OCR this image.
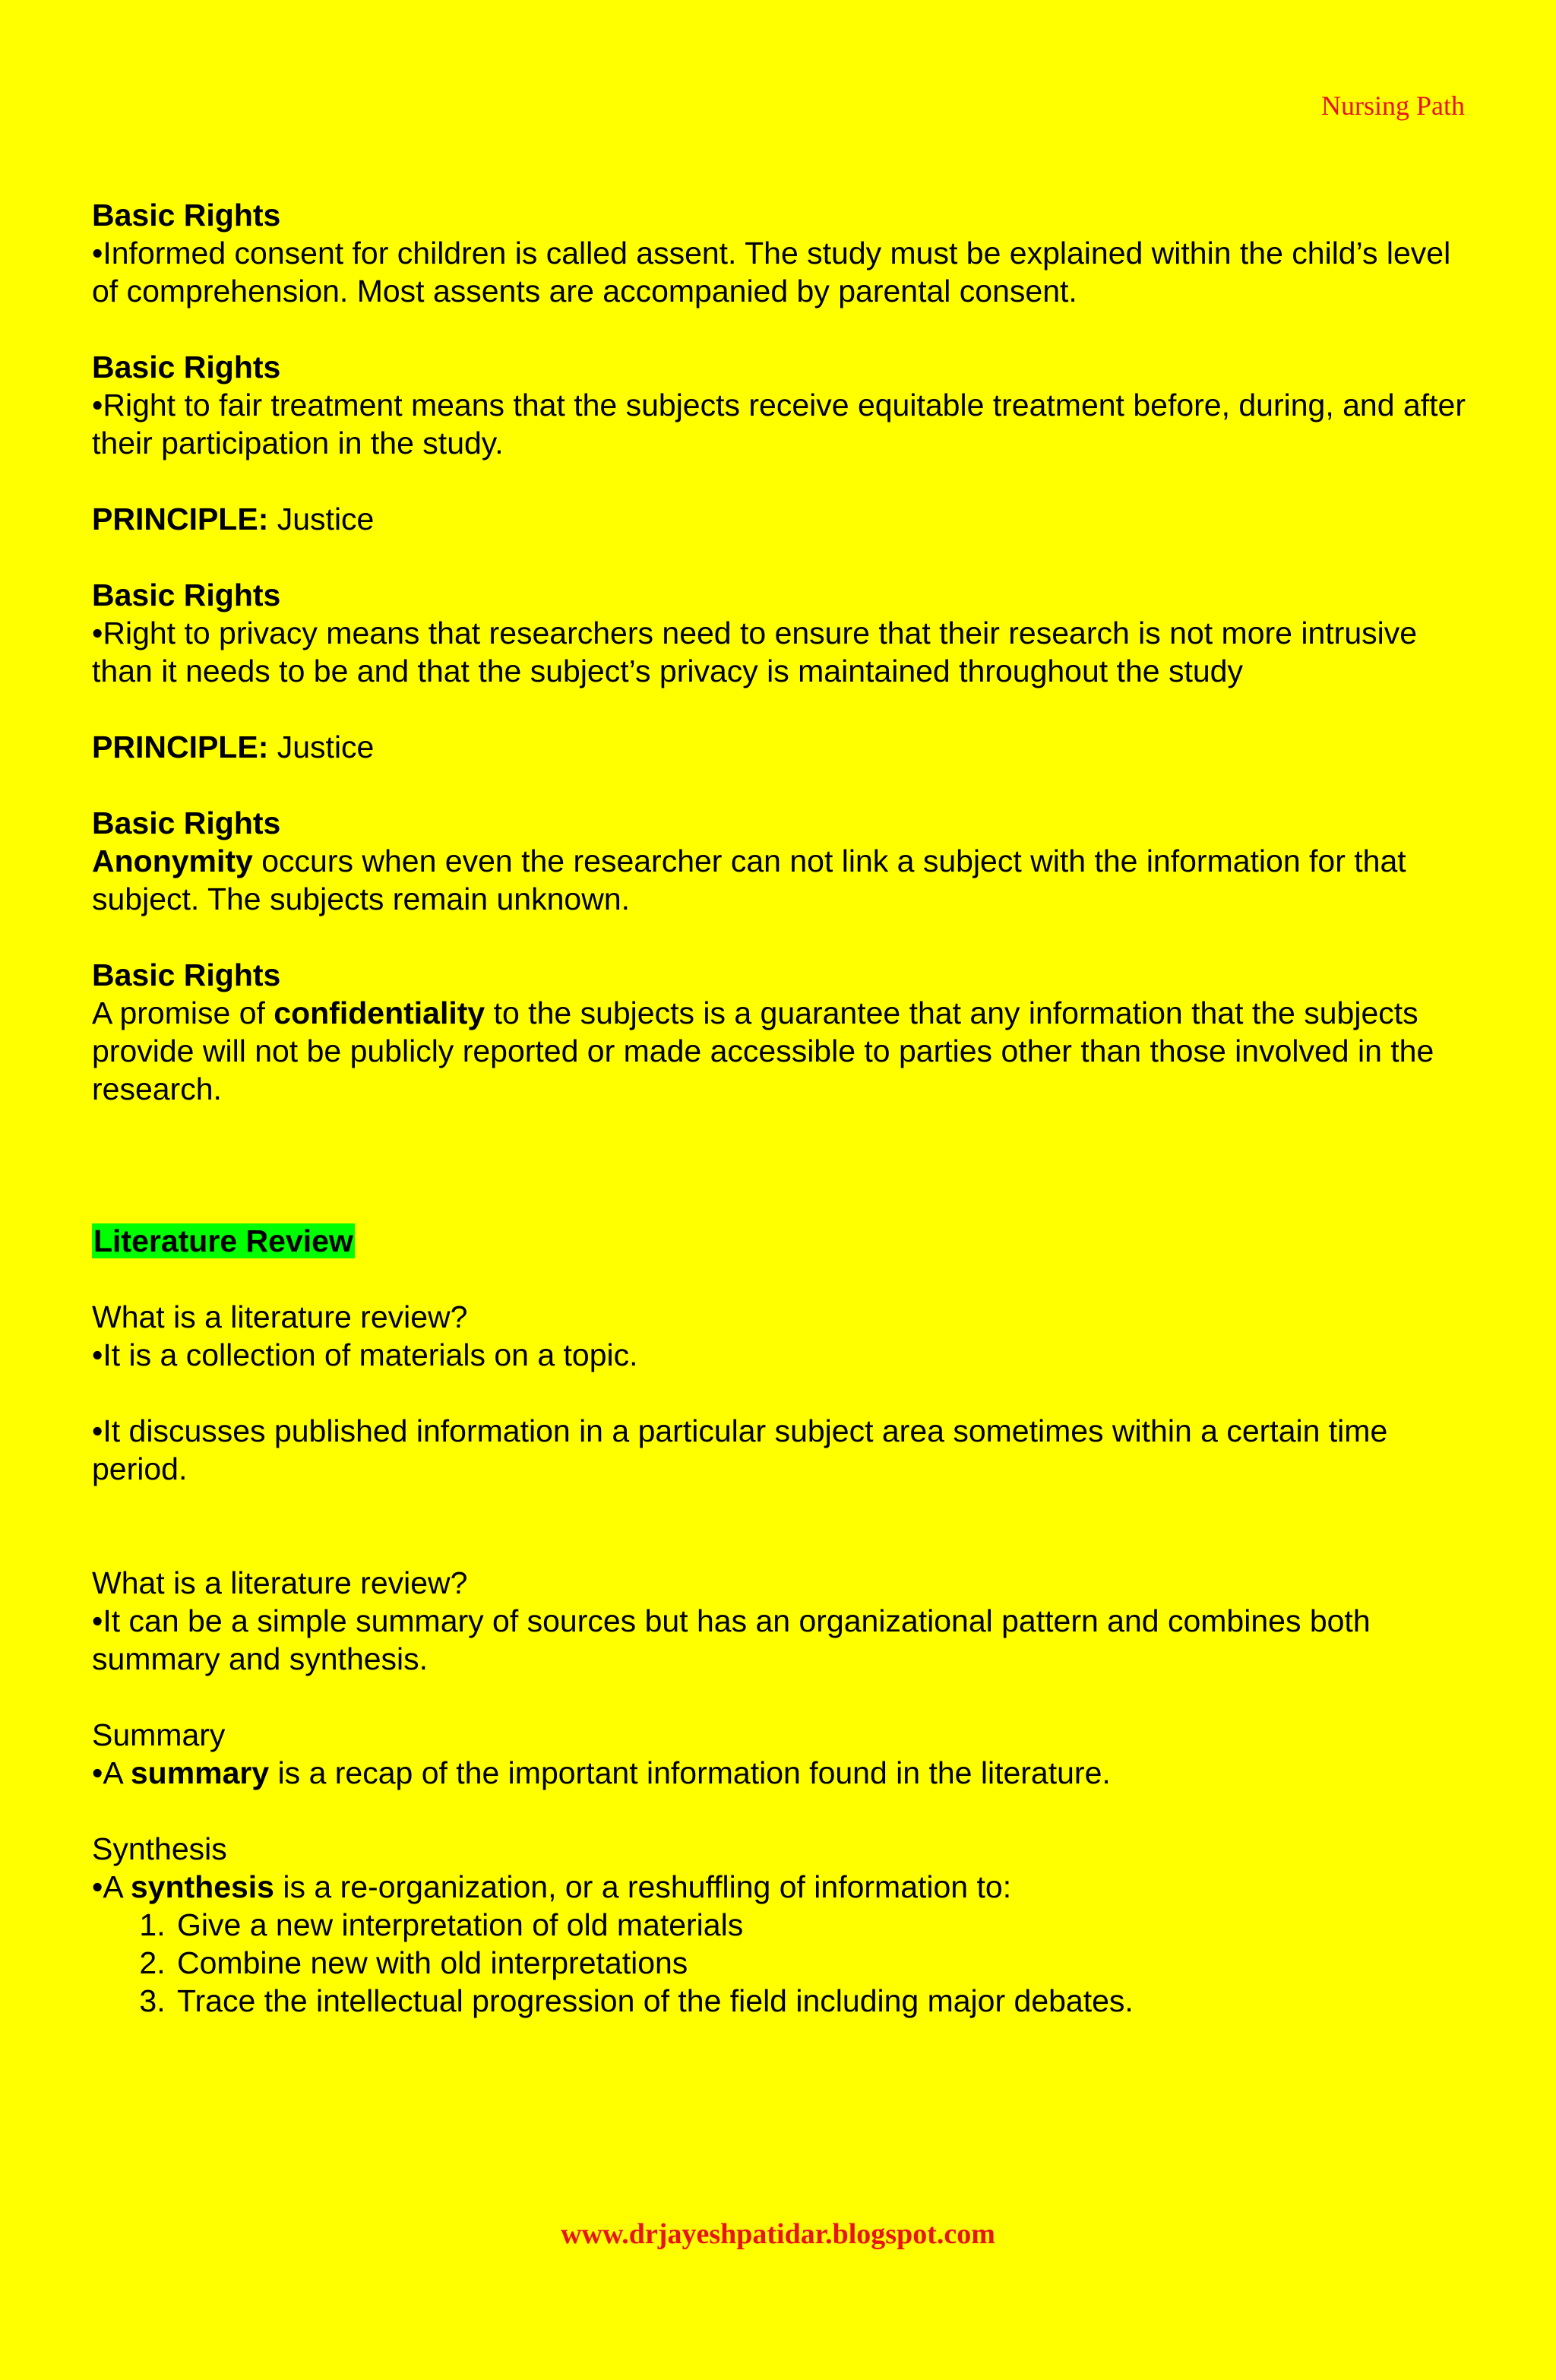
Nursing Path

Basic Rights

•Informed consent for children is called assent. The study must be explained within the child’s level of comprehension. Most assents are accompanied by parental consent.

Basic Rights

•Right to fair treatment means that the subjects receive equitable treatment before, during, and after their participation in the study.

PRINCIPLE: Justice

Basic Rights

•Right to privacy means that researchers need to ensure that their research is not more intrusive than it needs to be and that the subject’s privacy is maintained throughout the study

PRINCIPLE: Justice

Basic Rights

Anonymity occurs when even the researcher can not link a subject with the information for that subject. The subjects remain unknown.

Basic Rights

A promise of confidentiality to the subjects is a guarantee that any information that the subjects provide will not be publicly reported or made accessible to parties other than those involved in the research.

Literature Review

What is a literature review?

•It is a collection of materials on a topic.

•It discusses published information in a particular subject area sometimes within a certain time period.

What is a literature review?

•It can be a simple summary of sources but has an organizational pattern and combines both summary and synthesis.

Summary

•A summary is a recap of the important information found in the literature.

Synthesis

•A synthesis is a re-organization, or a reshuffling of information to:

1. Give a new interpretation of old materials
2. Combine new with old interpretations
3. Trace the intellectual progression of the field including major debates.
www.drjayeshpatidar.blogspot.com
